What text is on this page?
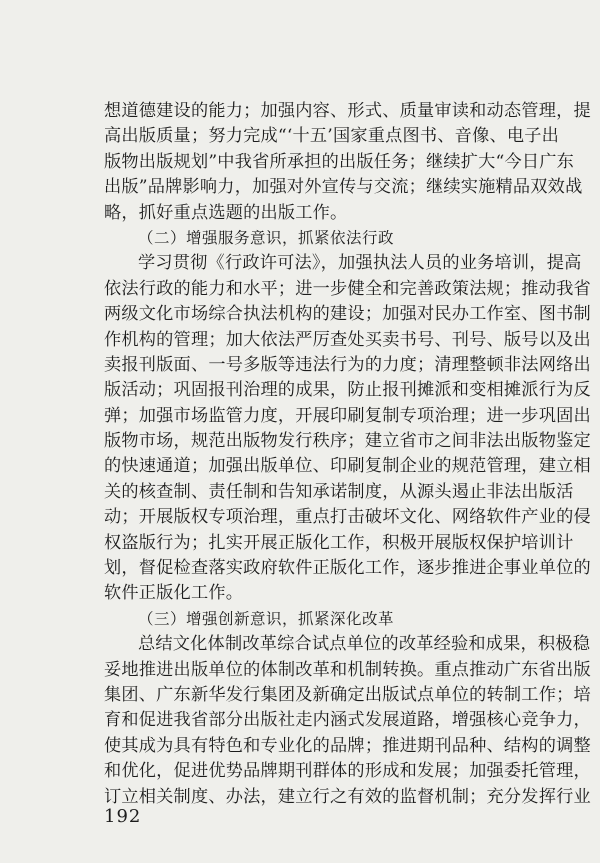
想道德建设的能力；加强内容、形式、质量审读和动态管理，提
高出版质量；努力完成“‘十五’国家重点图书、音像、电子出
版物出版规划”中我省所承担的出版任务；继续扩大“今日广东
出版”品牌影响力，加强对外宣传与交流；继续实施精品双效战
略，抓好重点选题的出版工作。
（二）增强服务意识，抓紧依法行政
学习贯彻《行政许可法》，加强执法人员的业务培训，提高
依法行政的能力和水平；进一步健全和完善政策法规；推动我省
两级文化市场综合执法机构的建设；加强对民办工作室、图书制
作机构的管理；加大依法严厉查处买卖书号、刊号、版号以及出
卖报刊版面、一号多版等违法行为的力度；清理整顿非法网络出
版活动；巩固报刊治理的成果，防止报刊摊派和变相摊派行为反
弹；加强市场监管力度，开展印刷复制专项治理；进一步巩固出
版物市场，规范出版物发行秩序；建立省市之间非法出版物鉴定
的快速通道；加强出版单位、印刷复制企业的规范管理，建立相
关的核查制、责任制和告知承诺制度，从源头遏止非法出版活
动；开展版权专项治理，重点打击破坏文化、网络软件产业的侵
权盗版行为；扎实开展正版化工作，积极开展版权保护培训计
划，督促检查落实政府软件正版化工作，逐步推进企事业单位的
软件正版化工作。
（三）增强创新意识，抓紧深化改革
总结文化体制改革综合试点单位的改革经验和成果，积极稳
妥地推进出版单位的体制改革和机制转换。重点推动广东省出版
集团、广东新华发行集团及新确定出版试点单位的转制工作；培
育和促进我省部分出版社走内涵式发展道路，增强核心竞争力，
使其成为具有特色和专业化的品牌；推进期刊品种、结构的调整
和优化，促进优势品牌期刊群体的形成和发展；加强委托管理，
订立相关制度、办法，建立行之有效的监督机制；充分发挥行业
192
